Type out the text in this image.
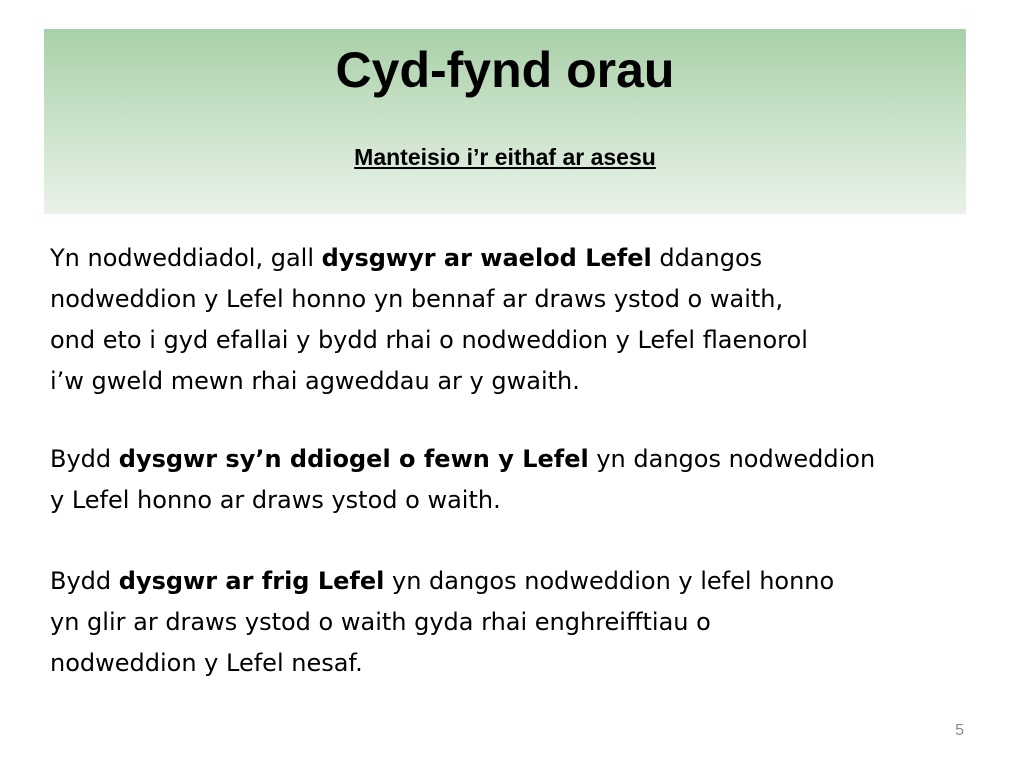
Cyd-fynd orau
Manteisio i’r eithaf ar asesu
Yn nodweddiadol, gall dysgwyr ar waelod Lefel ddangos
nodweddion y Lefel honno yn bennaf ar draws ystod o waith,
ond eto i gyd efallai y bydd rhai o nodweddion y Lefel flaenorol
i’w gweld mewn rhai agweddau ar y gwaith.
Bydd dysgwr sy’n ddiogel o fewn y Lefel yn dangos nodweddion
y Lefel honno ar draws ystod o waith.
Bydd dysgwr ar frig Lefel yn dangos nodweddion y lefel honno
yn glir ar draws ystod o waith gyda rhai enghreifftiau o
nodweddion y Lefel nesaf.
5
